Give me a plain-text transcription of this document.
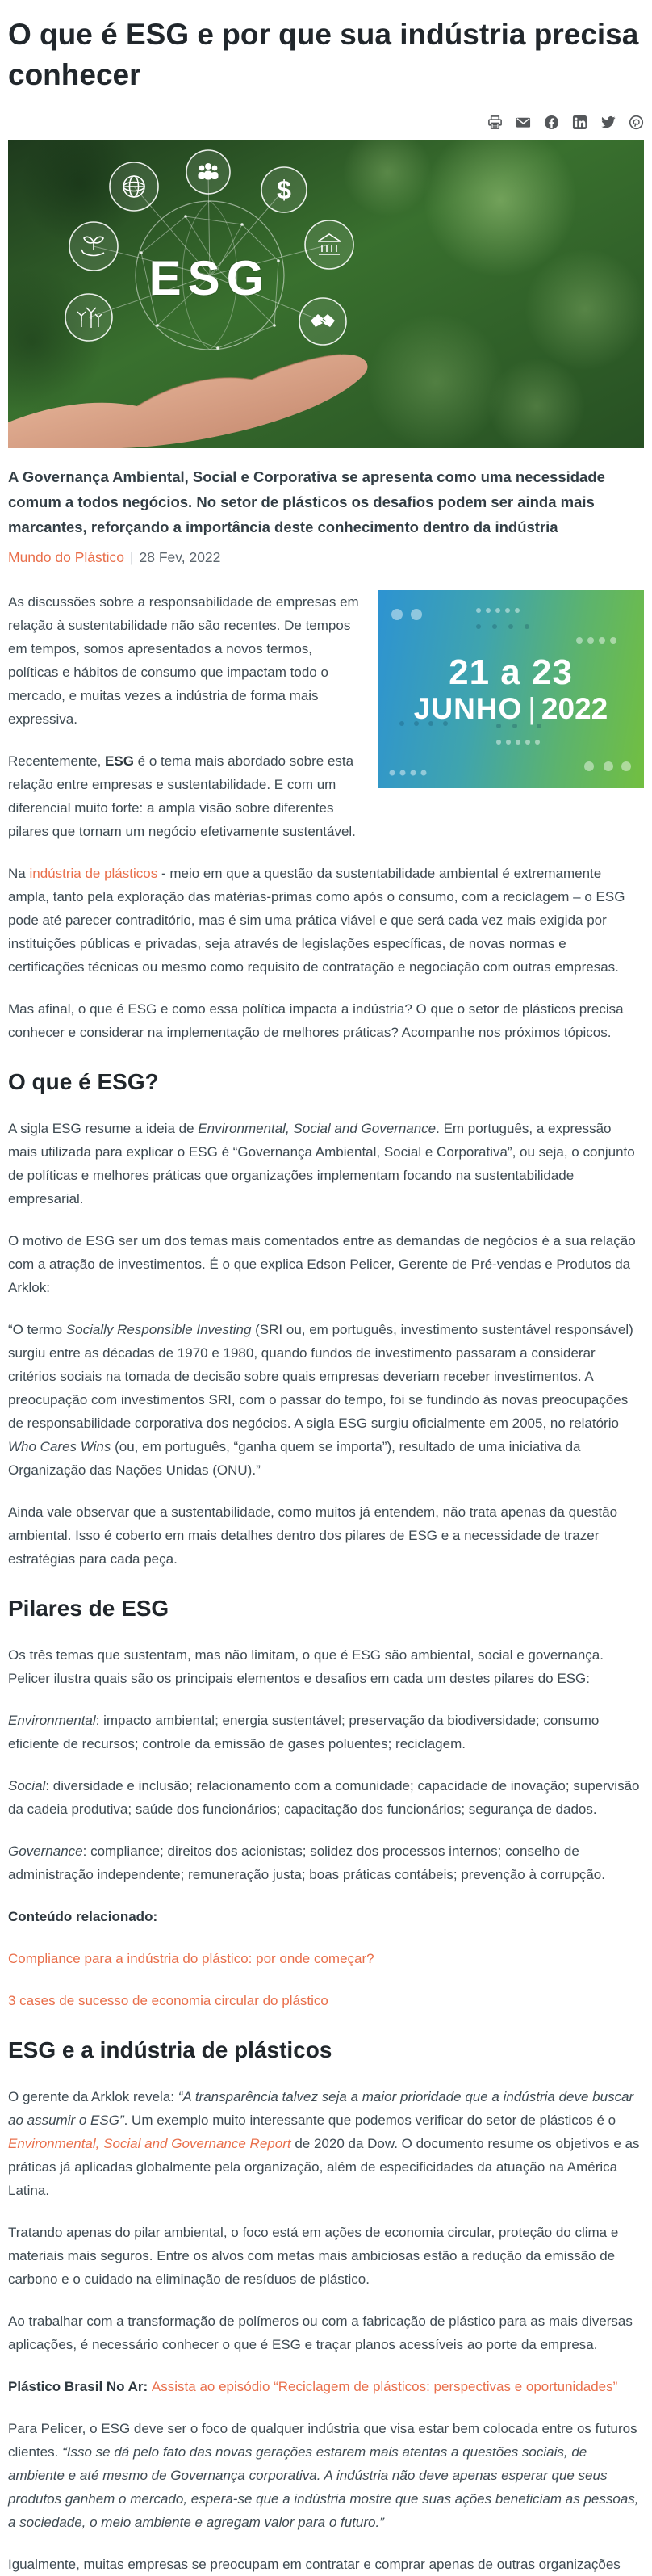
O que é ESG e por que sua indústria precisa conhecer
$
ESG

A Governança Ambiental, Social e Corporativa se apresenta como uma necessidade comum a todos negócios. No setor de plásticos os desafios podem ser ainda mais marcantes, reforçando a importância deste conhecimento dentro da indústria

Mundo do Plástico | 28 Fev, 2022

As discussões sobre a responsabilidade de empresas em relação à sustentabilidade não são recentes. De tempos em tempos, somos apresentados a novos termos, políticas e hábitos de consumo que impactam todo o mercado, e muitas vezes a indústria de forma mais expressiva.

Recentemente, ESG é o tema mais abordado sobre esta relação entre empresas e sustentabilidade. E com um diferencial muito forte: a ampla visão sobre diferentes pilares que tornam um negócio efetivamente sustentável.

21 a 23
JUNHO | 2022

Na indústria de plásticos - meio em que a questão da sustentabilidade ambiental é extremamente ampla, tanto pela exploração das matérias-primas como após o consumo, com a reciclagem – o ESG pode até parecer contraditório, mas é sim uma prática viável e que será cada vez mais exigida por instituições públicas e privadas, seja através de legislações específicas, de novas normas e certificações técnicas ou mesmo como requisito de contratação e negociação com outras empresas.

Mas afinal, o que é ESG e como essa política impacta a indústria? O que o setor de plásticos precisa conhecer e considerar na implementação de melhores práticas? Acompanhe nos próximos tópicos.

O que é ESG?

A sigla ESG resume a ideia de Environmental, Social and Governance. Em português, a expressão mais utilizada para explicar o ESG é “Governança Ambiental, Social e Corporativa”, ou seja, o conjunto de políticas e melhores práticas que organizações implementam focando na sustentabilidade empresarial.

O motivo de ESG ser um dos temas mais comentados entre as demandas de negócios é a sua relação com a atração de investimentos. É o que explica Edson Pelicer, Gerente de Pré-vendas e Produtos da Arklok:

“O termo Socially Responsible Investing (SRI ou, em português, investimento sustentável responsável) surgiu entre as décadas de 1970 e 1980, quando fundos de investimento passaram a considerar critérios sociais na tomada de decisão sobre quais empresas deveriam receber investimentos. A preocupação com investimentos SRI, com o passar do tempo, foi se fundindo às novas preocupações de responsabilidade corporativa dos negócios. A sigla ESG surgiu oficialmente em 2005, no relatório Who Cares Wins (ou, em português, “ganha quem se importa”), resultado de uma iniciativa da Organização das Nações Unidas (ONU).”

Ainda vale observar que a sustentabilidade, como muitos já entendem, não trata apenas da questão ambiental. Isso é coberto em mais detalhes dentro dos pilares de ESG e a necessidade de trazer estratégias para cada peça.

Pilares de ESG

Os três temas que sustentam, mas não limitam, o que é ESG são ambiental, social e governança. Pelicer ilustra quais são os principais elementos e desafios em cada um destes pilares do ESG:

Environmental: impacto ambiental; energia sustentável; preservação da biodiversidade; consumo eficiente de recursos; controle da emissão de gases poluentes; reciclagem.

Social: diversidade e inclusão; relacionamento com a comunidade; capacidade de inovação; supervisão da cadeia produtiva; saúde dos funcionários; capacitação dos funcionários; segurança de dados.

Governance: compliance; direitos dos acionistas; solidez dos processos internos; conselho de administração independente; remuneração justa; boas práticas contábeis; prevenção à corrupção.

Conteúdo relacionado:

Compliance para a indústria do plástico: por onde começar?

3 cases de sucesso de economia circular do plástico

ESG e a indústria de plásticos

O gerente da Arklok revela: “A transparência talvez seja a maior prioridade que a indústria deve buscar ao assumir o ESG”. Um exemplo muito interessante que podemos verificar do setor de plásticos é o Environmental, Social and Governance Report de 2020 da Dow. O documento resume os objetivos e as práticas já aplicadas globalmente pela organização, além de especificidades da atuação na América Latina.

Tratando apenas do pilar ambiental, o foco está em ações de economia circular, proteção do clima e materiais mais seguros. Entre os alvos com metas mais ambiciosas estão a redução da emissão de carbono e o cuidado na eliminação de resíduos de plástico.

Ao trabalhar com a transformação de polímeros ou com a fabricação de plástico para as mais diversas aplicações, é necessário conhecer o que é ESG e traçar planos acessíveis ao porte da empresa.

Plástico Brasil No Ar: Assista ao episódio “Reciclagem de plásticos: perspectivas e oportunidades”

Para Pelicer, o ESG deve ser o foco de qualquer indústria que visa estar bem colocada entre os futuros clientes. “Isso se dá pelo fato das novas gerações estarem mais atentas a questões sociais, de ambiente e até mesmo de Governança corporativa. A indústria não deve apenas esperar que seus produtos ganhem o mercado, espera-se que a indústria mostre que suas ações beneficiam as pessoas, a sociedade, o meio ambiente e agregam valor para o futuro.”

Igualmente, muitas empresas se preocupam em contratar e comprar apenas de outras organizações
